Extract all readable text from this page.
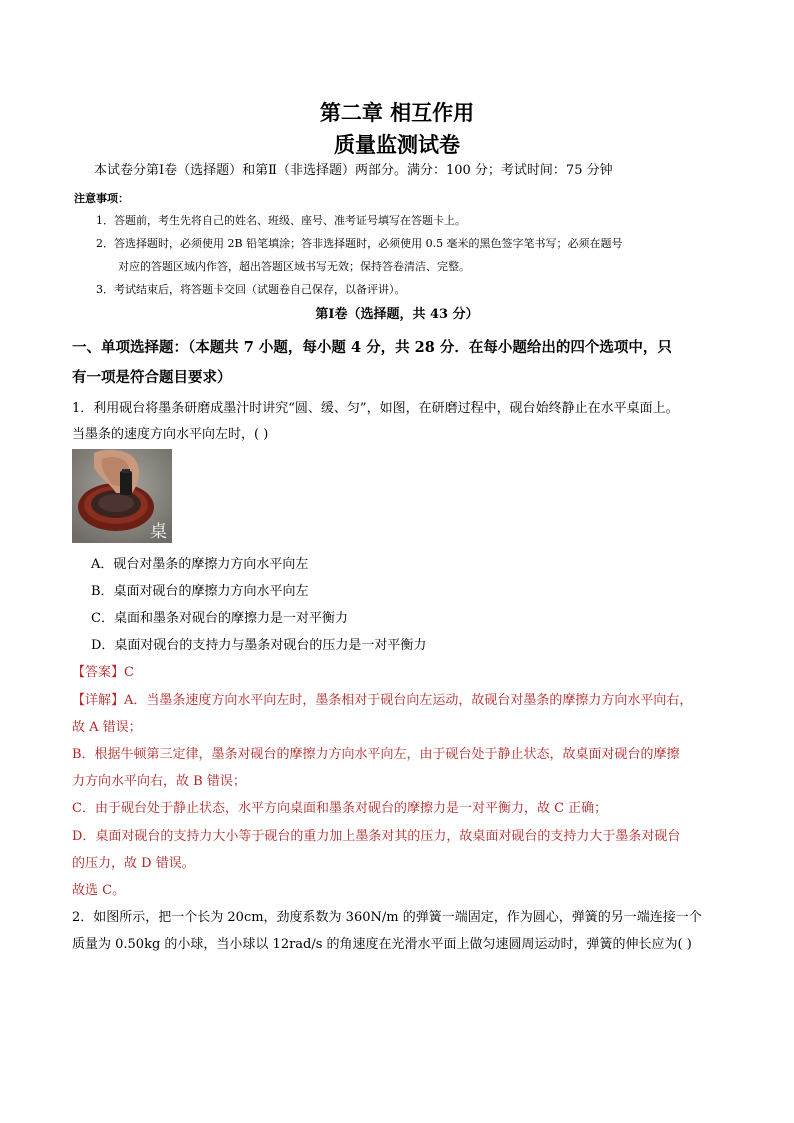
第二章 相互作用
质量监测试卷
本试卷分第Ⅰ卷（选择题）和第Ⅱ（非选择题）两部分。满分：100 分；考试时间：75 分钟
注意事项：
1．答题前，考生先将自己的姓名、班级、座号、准考证号填写在答题卡上。
2．答选择题时，必须使用 2B 铅笔填涂；答非选择题时，必须使用 0.5 毫米的黑色签字笔书写；必须在题号
对应的答题区域内作答，超出答题区域书写无效；保持答卷清洁、完整。
3．考试结束后，将答题卡交回（试题卷自己保存，以备评讲）。
第Ⅰ卷（选择题，共 43 分）
一、单项选择题：（本题共 7 小题，每小题 4 分，共 28 分．在每小题给出的四个选项中，只
有一项是符合题目要求）
1．利用砚台将墨条研磨成墨汁时讲究“圆、缓、匀”，如图，在研磨过程中，砚台始终静止在水平桌面上。
当墨条的速度方向水平向左时，( )
桌
A．砚台对墨条的摩擦力方向水平向左
B．桌面对砚台的摩擦力方向水平向左
C．桌面和墨条对砚台的摩擦力是一对平衡力
D．桌面对砚台的支持力与墨条对砚台的压力是一对平衡力
【答案】C
【详解】A．当墨条速度方向水平向左时，墨条相对于砚台向左运动，故砚台对墨条的摩擦力方向水平向右，
故 A 错误；
B．根据牛顿第三定律，墨条对砚台的摩擦力方向水平向左，由于砚台处于静止状态，故桌面对砚台的摩擦
力方向水平向右，故 B 错误；
C．由于砚台处于静止状态，水平方向桌面和墨条对砚台的摩擦力是一对平衡力，故 C 正确；
D．桌面对砚台的支持力大小等于砚台的重力加上墨条对其的压力，故桌面对砚台的支持力大于墨条对砚台
的压力，故 D 错误。
故选 C。
2．如图所示，把一个长为 20cm，劲度系数为 360N/m 的弹簧一端固定，作为圆心，弹簧的另一端连接一个
质量为 0.50kg 的小球，当小球以 12rad/s 的角速度在光滑水平面上做匀速圆周运动时，弹簧的伸长应为( )
